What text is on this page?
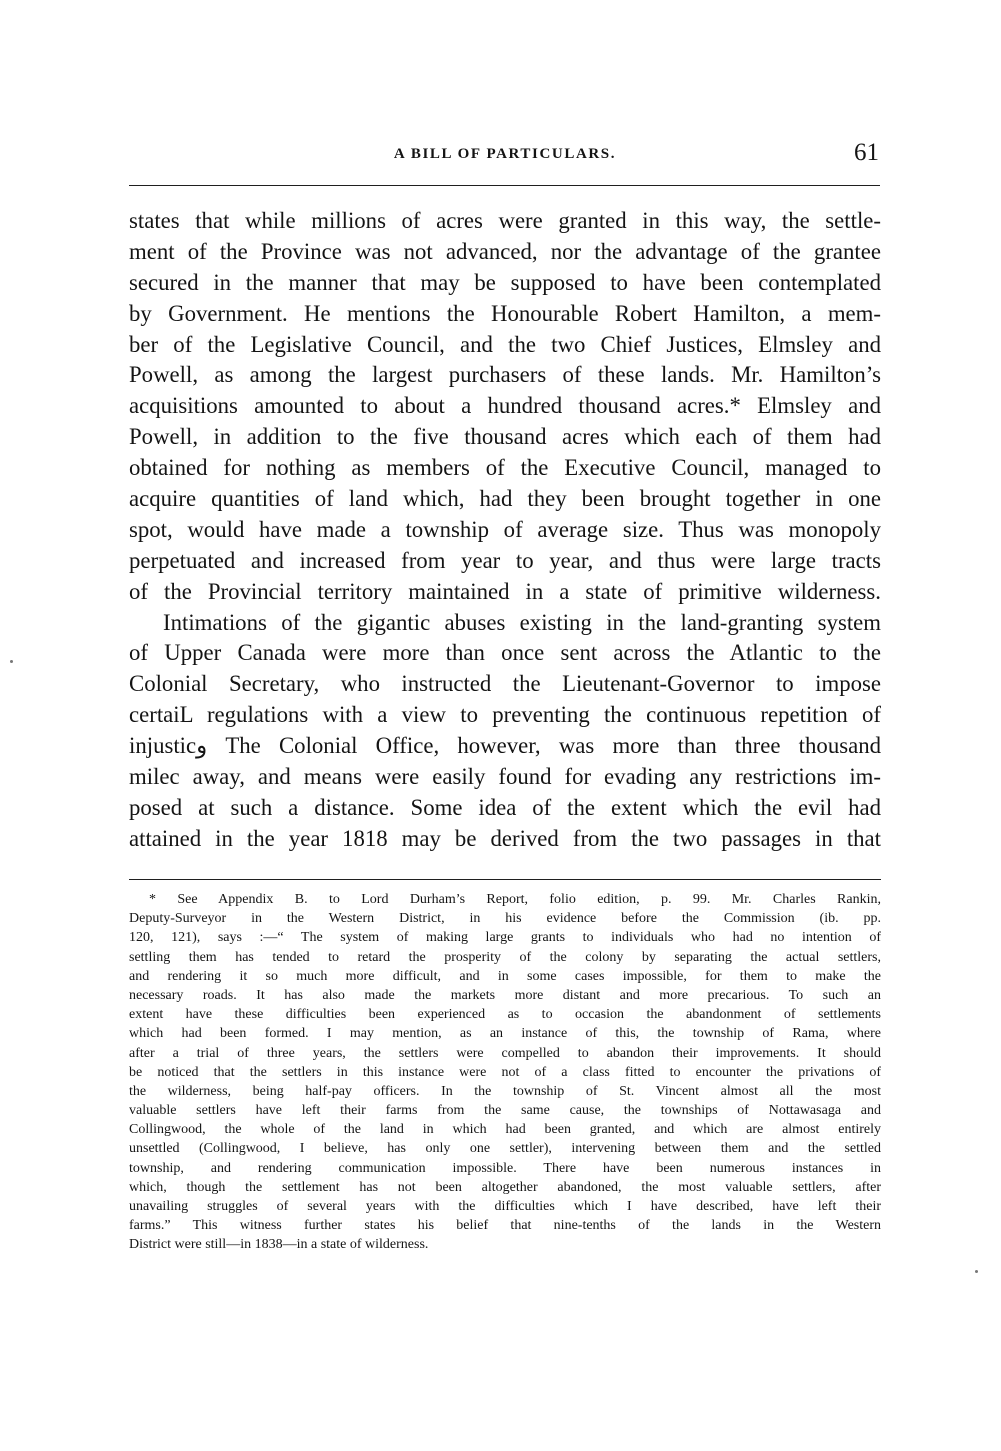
A BILL OF PARTICULARS.	61
states that while millions of acres were granted in this way, the settle-
ment of the Province was not advanced, nor the advantage of the grantee
secured in the manner that may be supposed to have been contemplated
by Government. He mentions the Honourable Robert Hamilton, a mem-
ber of the Legislative Council, and the two Chief Justices, Elmsley and
Powell, as among the largest purchasers of these lands. Mr. Hamilton’s
acquisitions amounted to about a hundred thousand acres.* Elmsley and
Powell, in addition to the five thousand acres which each of them had
obtained for nothing as members of the Executive Council, managed to
acquire quantities of land which, had they been brought together in one
spot, would have made a township of average size. Thus was monopoly
perpetuated and increased from year to year, and thus were large tracts
of the Provincial territory maintained in a state of primitive wilderness.
Intimations of the gigantic abuses existing in the land-granting system
of Upper Canada were more than once sent across the Atlantic to the
Colonial Secretary, who instructed the Lieutenant-Governor to impose
certaiL regulations with a view to preventing the continuous repetition of
injusticو The Colonial Office, however, was more than three thousand
milec away, and means were easily found for evading any restrictions im-
posed at such a distance. Some idea of the extent which the evil had
attained in the year 1818 may be derived from the two passages in that
* See Appendix B. to Lord Durham’s Report, folio edition, p. 99. Mr. Charles Rankin,
Deputy-Surveyor in the Western District, in his evidence before the Commission (ib. pp.
120, 121), says :—“ The system of making large grants to individuals who had no intention of
settling them has tended to retard the prosperity of the colony by separating the actual settlers,
and rendering it so much more difficult, and in some cases impossible, for them to make the
necessary roads. It has also made the markets more distant and more precarious. To such an
extent have these difficulties been experienced as to occasion the abandonment of settlements
which had been formed. I may mention, as an instance of this, the township of Rama, where
after a trial of three years, the settlers were compelled to abandon their improvements. It should
be noticed that the settlers in this instance were not of a class fitted to encounter the privations of
the wilderness, being half-pay officers. In the township of St. Vincent almost all the most
valuable settlers have left their farms from the same cause, the townships of Nottawasaga and
Collingwood, the whole of the land in which had been granted, and which are almost entirely
unsettled (Collingwood, I believe, has only one settler), intervening between them and the settled
township, and rendering communication impossible. There have been numerous instances in
which, though the settlement has not been altogether abandoned, the most valuable settlers, after
unavailing struggles of several years with the difficulties which I have described, have left their
farms.” This witness further states his belief that nine-tenths of the lands in the Western
District were still—in 1838—in a state of wilderness.
